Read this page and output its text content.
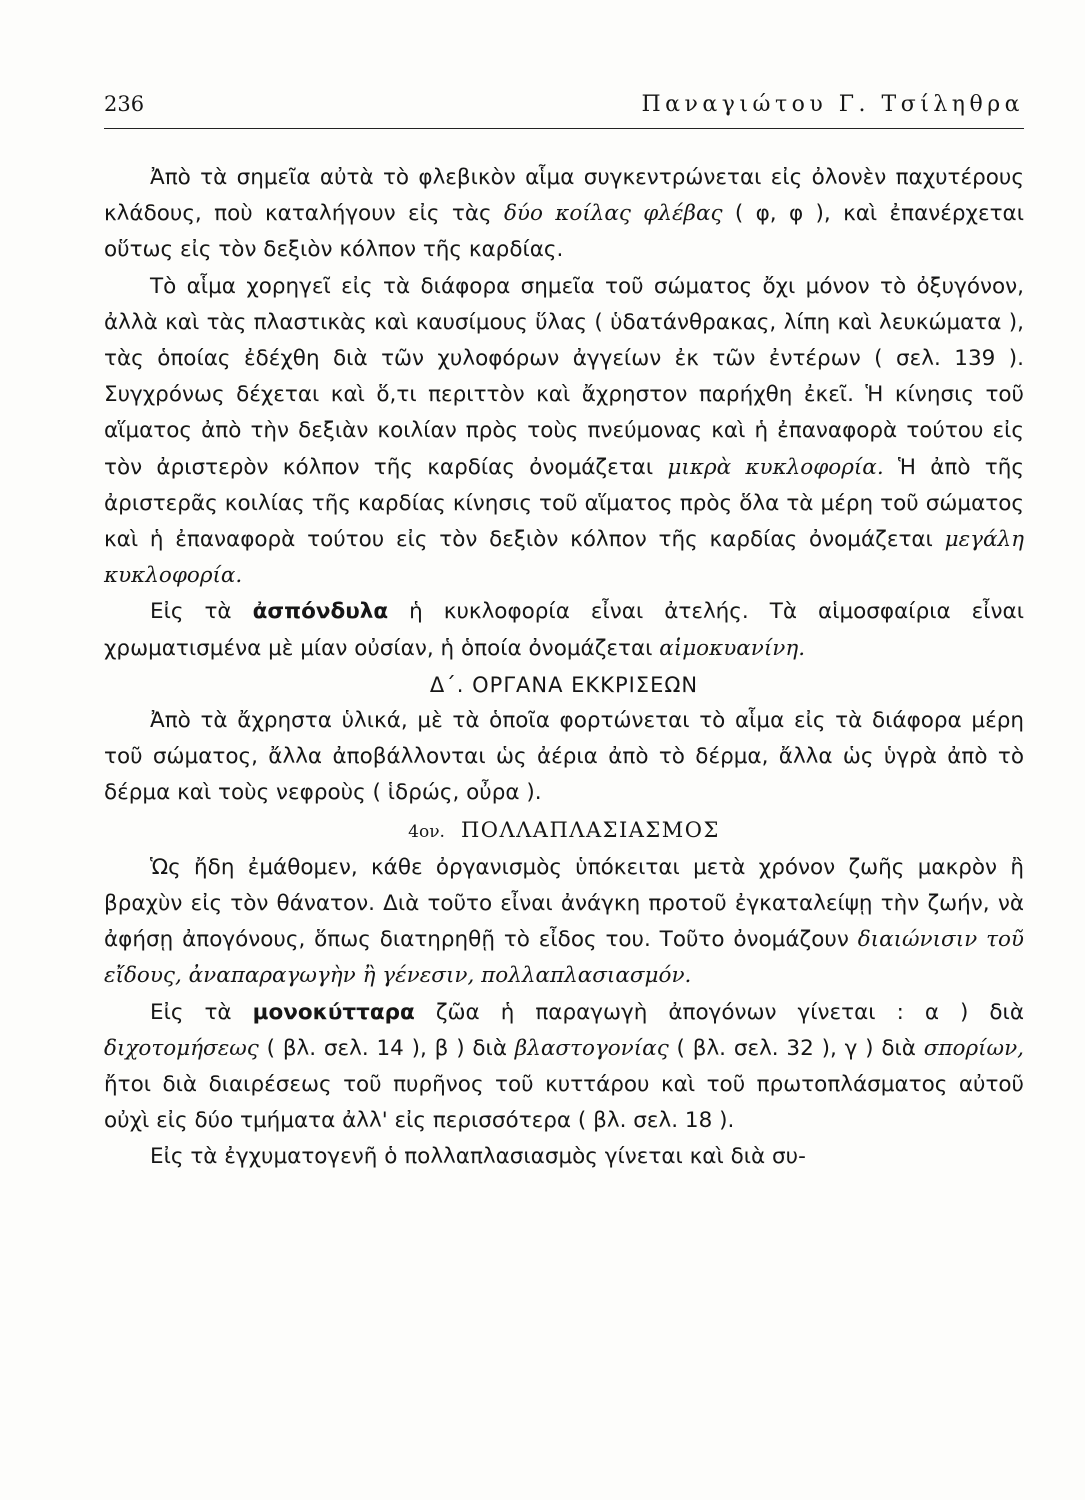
236	Παναγιώτου Γ. Τσίληθρα

Ἀπὸ τὰ σημεῖα αὐτὰ τὸ φλεβικὸν αἷμα συγκεντρώνεται εἰς ὀλονὲν παχυτέρους κλάδους, ποὺ καταλήγουν εἰς τὰς δύο κοίλας φλέβας ( φ, φ ), καὶ ἐπανέρχεται οὕτως εἰς τὸν δεξιὸν κόλπον τῆς καρδίας.

Τὸ αἷμα χορηγεῖ εἰς τὰ διάφορα σημεῖα τοῦ σώματος ὄχι μόνον τὸ ὀξυγόνον, ἀλλὰ καὶ τὰς πλαστικὰς καὶ καυσίμους ὕλας ( ὑδατάνθρακας, λίπη καὶ λευκώματα ), τὰς ὁποίας ἐδέχθη διὰ τῶν χυλοφόρων ἀγγείων ἐκ τῶν ἐντέρων ( σελ. 139 ). Συγχρόνως δέχεται καὶ ὅ,τι περιττὸν καὶ ἄχρηστον παρήχθη ἐκεῖ. Ἡ κίνησις τοῦ αἵματος ἀπὸ τὴν δεξιὰν κοιλίαν πρὸς τοὺς πνεύμονας καὶ ἡ ἐπαναφορὰ τούτου εἰς τὸν ἀριστερὸν κόλπον τῆς καρδίας ὀνομάζεται μικρὰ κυκλοφορία. Ἡ ἀπὸ τῆς ἀριστερᾶς κοιλίας τῆς καρδίας κίνησις τοῦ αἵματος πρὸς ὅλα τὰ μέρη τοῦ σώματος καὶ ἡ ἐπαναφορὰ τούτου εἰς τὸν δεξιὸν κόλπον τῆς καρδίας ὀνομάζεται μεγάλη κυκλοφορία.

Εἰς τὰ ἀσπόνδυλα ἡ κυκλοφορία εἶναι ἀτελής. Τὰ αἱμοσφαίρια εἶναι χρωματισμένα μὲ μίαν οὐσίαν, ἡ ὁποία ὀνομάζεται αἱμοκυανίνη.

Δ΄. ΟΡΓΑΝΑ ΕΚΚΡΙΣΕΩΝ

Ἀπὸ τὰ ἄχρηστα ὑλικά, μὲ τὰ ὁποῖα φορτώνεται τὸ αἷμα εἰς τὰ διάφορα μέρη τοῦ σώματος, ἄλλα ἀποβάλλονται ὡς ἀέρια ἀπὸ τὸ δέρμα, ἄλλα ὡς ὑγρὰ ἀπὸ τὸ δέρμα καὶ τοὺς νεφροὺς ( ἱδρώς, οὖρα ).

4ον. ΠΟΛΛΑΠΛΑΣΙΑΣΜΟΣ

Ὡς ἤδη ἐμάθομεν, κάθε ὀργανισμὸς ὑπόκειται μετὰ χρόνον ζωῆς μακρὸν ἢ βραχὺν εἰς τὸν θάνατον. Διὰ τοῦτο εἶναι ἀνάγκη προτοῦ ἐγκαταλείψῃ τὴν ζωήν, νὰ ἀφήσῃ ἀπογόνους, ὅπως διατηρηθῇ τὸ εἶδος του. Τοῦτο ὀνομάζουν διαιώνισιν τοῦ εἴδους, ἀναπαραγωγὴν ἢ γένεσιν, πολλαπλασιασμόν.

Εἰς τὰ μονοκύτταρα ζῶα ἡ παραγωγὴ ἀπογόνων γίνεται : α ) διὰ διχοτομήσεως ( βλ. σελ. 14 ), β ) διὰ βλαστογονίας ( βλ. σελ. 32 ), γ ) διὰ σπορίων, ἤτοι διὰ διαιρέσεως τοῦ πυρῆνος τοῦ κυττάρου καὶ τοῦ πρωτοπλάσματος αὐτοῦ οὐχὶ εἰς δύο τμήματα ἀλλ' εἰς περισσότερα ( βλ. σελ. 18 ).

Εἰς τὰ ἐγχυματογενῆ ὁ πολλαπλασιασμὸς γίνεται καὶ διὰ συ-
